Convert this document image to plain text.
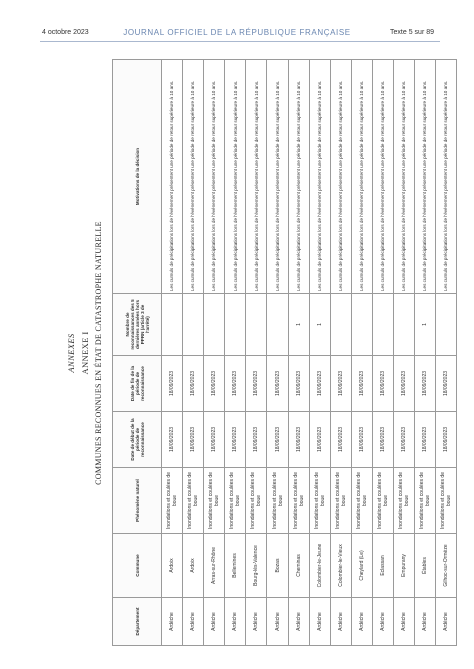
4 octobre 2023	JOURNAL OFFICIEL DE LA RÉPUBLIQUE FRANÇAISE	Texte 5 sur 89
ANNEXES ANNEXE I COMMUNES RECONNUES EN ÉTAT DE CATASTROPHE NATURELLE
Département	Commune	Phénomène naturel	Date de début de la période de reconnaissance	Date de fin de la période de reconnaissance	Nombre de reconnaissances des 5 dernières années hors PPRN (article 3 de l'arrêté)	Motivations de la décision
Ardèche	Ardoix	Inondations et coulées de boue	18/09/2023	18/09/2023		Les cumuls de précipitations lors de l'événement présentent une période de retour supérieure à 10 ans.
Ardèche	Ardoix	Inondations et coulées de boue	18/09/2023	18/09/2023		Les cumuls de précipitations lors de l'événement présentent une période de retour supérieure à 10 ans.
Ardèche	Arras-sur-Rhône	Inondations et coulées de boue	18/09/2023	18/09/2023		Les cumuls de précipitations lors de l'événement présentent une période de retour supérieure à 10 ans.
Ardèche	Bellemines	Inondations et coulées de boue	18/09/2023	18/09/2023		Les cumuls de précipitations lors de l'événement présentent une période de retour supérieure à 10 ans.
Ardèche	Bourg-lès-Valence	Inondations et coulées de boue	18/09/2023	18/09/2023		Les cumuls de précipitations lors de l'événement présentent une période de retour supérieure à 10 ans.
Ardèche	Bozas	Inondations et coulées de boue	18/09/2023	18/09/2023		Les cumuls de précipitations lors de l'événement présentent une période de retour supérieure à 10 ans.
Ardèche	Cheminas	Inondations et coulées de boue	18/09/2023	18/09/2023	1	Les cumuls de précipitations lors de l'événement présentent une période de retour supérieure à 10 ans.
Ardèche	Colombier-le-Jeune	Inondations et coulées de boue	18/09/2023	18/09/2023	1	Les cumuls de précipitations lors de l'événement présentent une période de retour supérieure à 10 ans.
Ardèche	Colombier-le-Vieux	Inondations et coulées de boue	18/09/2023	18/09/2023		Les cumuls de précipitations lors de l'événement présentent une période de retour supérieure à 10 ans.
Ardèche	Cheylard (Le)	Inondations et coulées de boue	18/09/2023	18/09/2023		Les cumuls de précipitations lors de l'événement présentent une période de retour supérieure à 10 ans.
Ardèche	Eclassan	Inondations et coulées de boue	18/09/2023	18/09/2023		Les cumuls de précipitations lors de l'événement présentent une période de retour supérieure à 10 ans.
Ardèche	Empurany	Inondations et coulées de boue	18/09/2023	18/09/2023		Les cumuls de précipitations lors de l'événement présentent une période de retour supérieure à 10 ans.
Ardèche	Étables	Inondations et coulées de boue	18/09/2023	18/09/2023	1	Les cumuls de précipitations lors de l'événement présentent une période de retour supérieure à 10 ans.
Ardèche	Gilhoc-sur-Ormèze	Inondations et coulées de boue	18/09/2023	18/09/2023		Les cumuls de précipitations lors de l'événement présentent une période de retour supérieure à 10 ans.
